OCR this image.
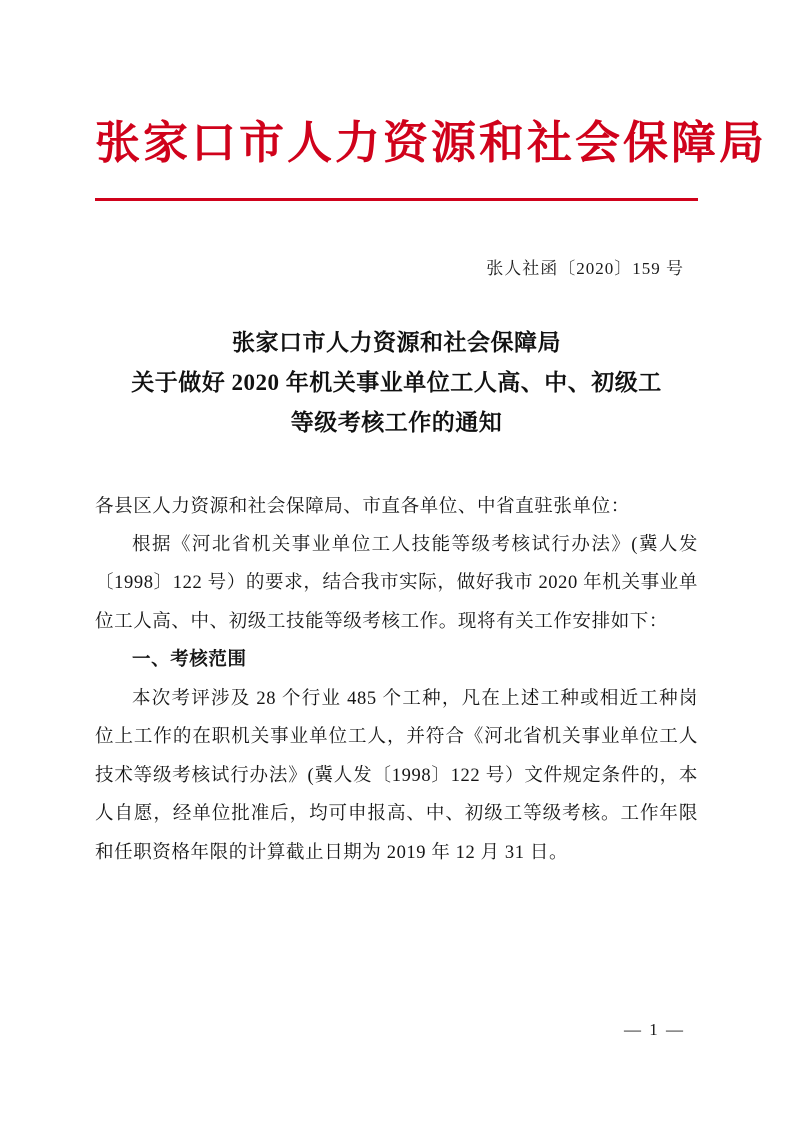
张家口市人力资源和社会保障局
张人社函〔2020〕159 号
张家口市人力资源和社会保障局
关于做好 2020 年机关事业单位工人高、中、初级工
等级考核工作的通知

各县区人力资源和社会保障局、市直各单位、中省直驻张单位：

根据《河北省机关事业单位工人技能等级考核试行办法》(冀人发〔1998〕122 号）的要求，结合我市实际，做好我市 2020 年机关事业单位工人高、中、初级工技能等级考核工作。现将有关工作安排如下：

一、考核范围

本次考评涉及 28 个行业 485 个工种，凡在上述工种或相近工种岗位上工作的在职机关事业单位工人，并符合《河北省机关事业单位工人技术等级考核试行办法》(冀人发〔1998〕122 号）文件规定条件的，本人自愿，经单位批准后，均可申报高、中、初级工等级考核。工作年限和任职资格年限的计算截止日期为 2019 年 12 月 31 日。

— 1 —
